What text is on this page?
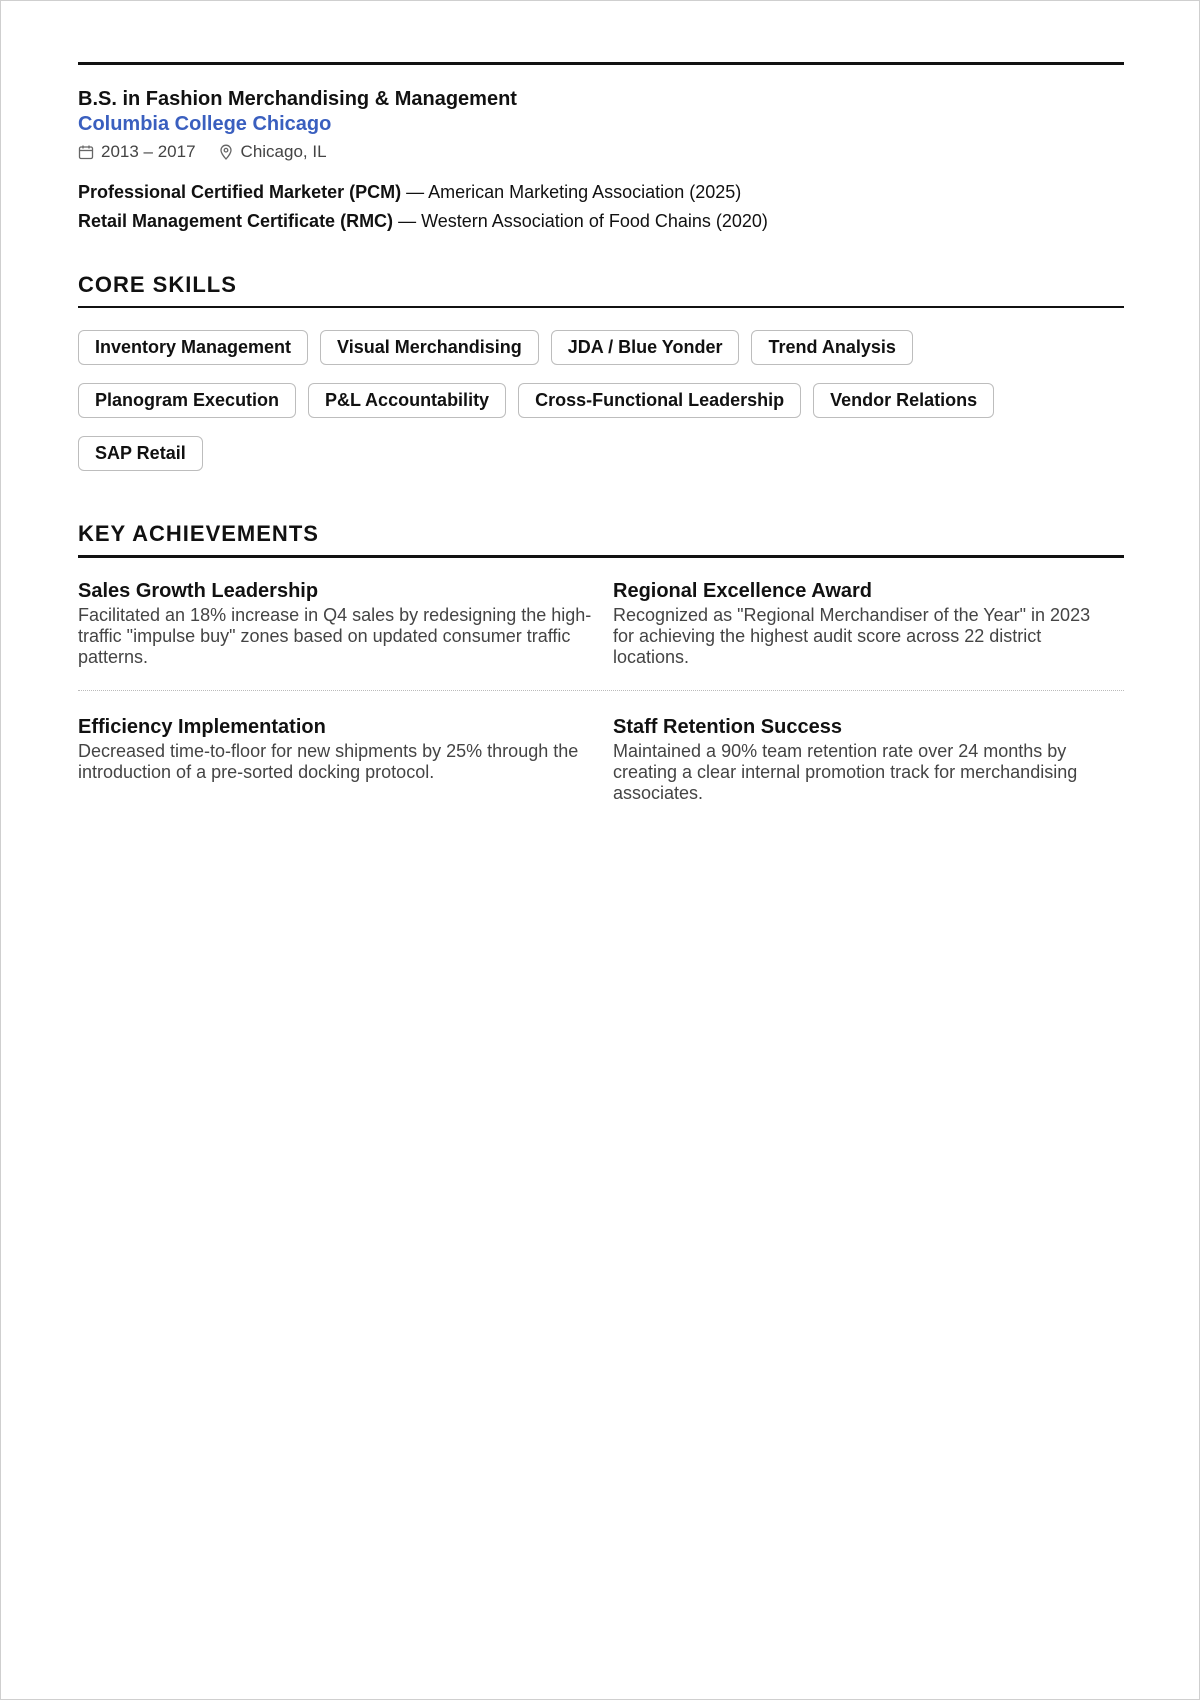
B.S. in Fashion Merchandising & Management
Columbia College Chicago
2013 – 2017	Chicago, IL
Professional Certified Marketer (PCM) — American Marketing Association (2025)
Retail Management Certificate (RMC) — Western Association of Food Chains (2020)
CORE SKILLS
Inventory Management	Visual Merchandising	JDA / Blue Yonder	Trend Analysis
Planogram Execution	P&L Accountability	Cross-Functional Leadership	Vendor Relations
SAP Retail
KEY ACHIEVEMENTS
Sales Growth Leadership
Facilitated an 18% increase in Q4 sales by redesigning the high-traffic "impulse buy" zones based on updated consumer traffic patterns.
Regional Excellence Award
Recognized as "Regional Merchandiser of the Year" in 2023 for achieving the highest audit score across 22 district locations.
Efficiency Implementation
Decreased time-to-floor for new shipments by 25% through the introduction of a pre-sorted docking protocol.
Staff Retention Success
Maintained a 90% team retention rate over 24 months by creating a clear internal promotion track for merchandising associates.
